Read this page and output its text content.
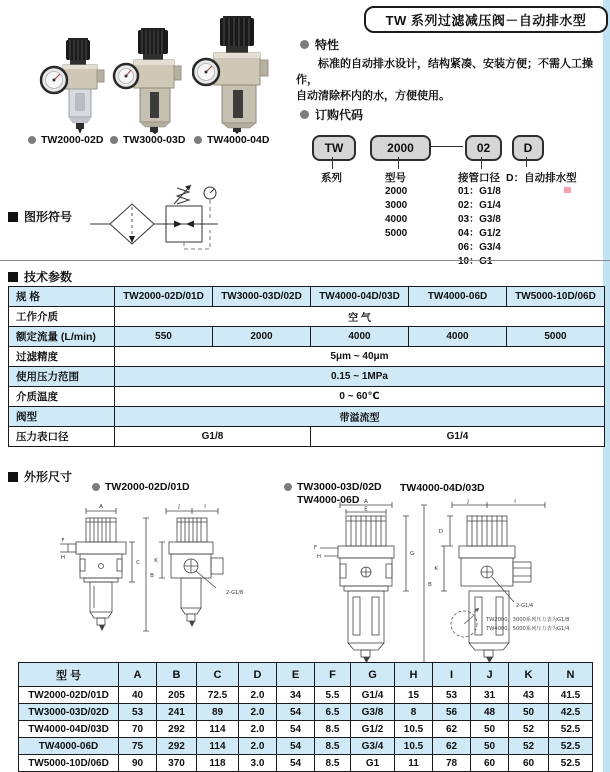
TW 系列过滤减压阀－自动排水型
TW2000-02D TW3000-03D TW4000-04D
特性
标准的自动排水设计，结构紧凑、安装方便；不需人工操作，
自动清除杯内的水，方便使用。
订购代码
TW	2000	02	D
系列	型号
2000
3000
4000
5000
接管口径
01：G1/8
02：G1/4
03：G3/8
04：G1/2
06：G3/4
10：G1
D：自动排水型
图形符号
技术参数
规 格	TW2000-02D/01D	TW3000-03D/02D	TW4000-04D/03D	TW4000-06D	TW5000-10D/06D
工作介质	空 气				
额定流量 (L/min)	550	2000	4000	4000	5000
过滤精度	5μm ~ 40μm				
使用压力范围	0.15 ~ 1MPa				
介质温度	0 ~ 60℃				
阀型	带溢流型				
压力表口径	G1/8		G1/4		
外形尺寸
TW2000-02D/01D	TW3000-03D/02D TW4000-04D/03D
TW4000-06D
A
F
H
C
B
J	I
K
2-G1/8
A
E
F
H	G
B
J	I
D
K
2-G1/4
TW2000、3000系列压力表为G1/8
TW4000、5000系列压力表为G1/4
型 号	A	B	C	D	E	F	G	H	I	J	K	N
TW2000-02D/01D	40	205	72.5	2.0	34	5.5	G1/4	15	53	31	43	41.5
TW3000-03D/02D	53	241	89	2.0	54	6.5	G3/8	8	56	48	50	42.5
TW4000-04D/03D	70	292	114	2.0	54	8.5	G1/2	10.5	62	50	52	52.5
TW4000-06D	75	292	114	2.0	54	8.5	G3/4	10.5	62	50	52	52.5
TW5000-10D/06D	90	370	118	3.0	54	8.5	G1	11	78	60	60	52.5
